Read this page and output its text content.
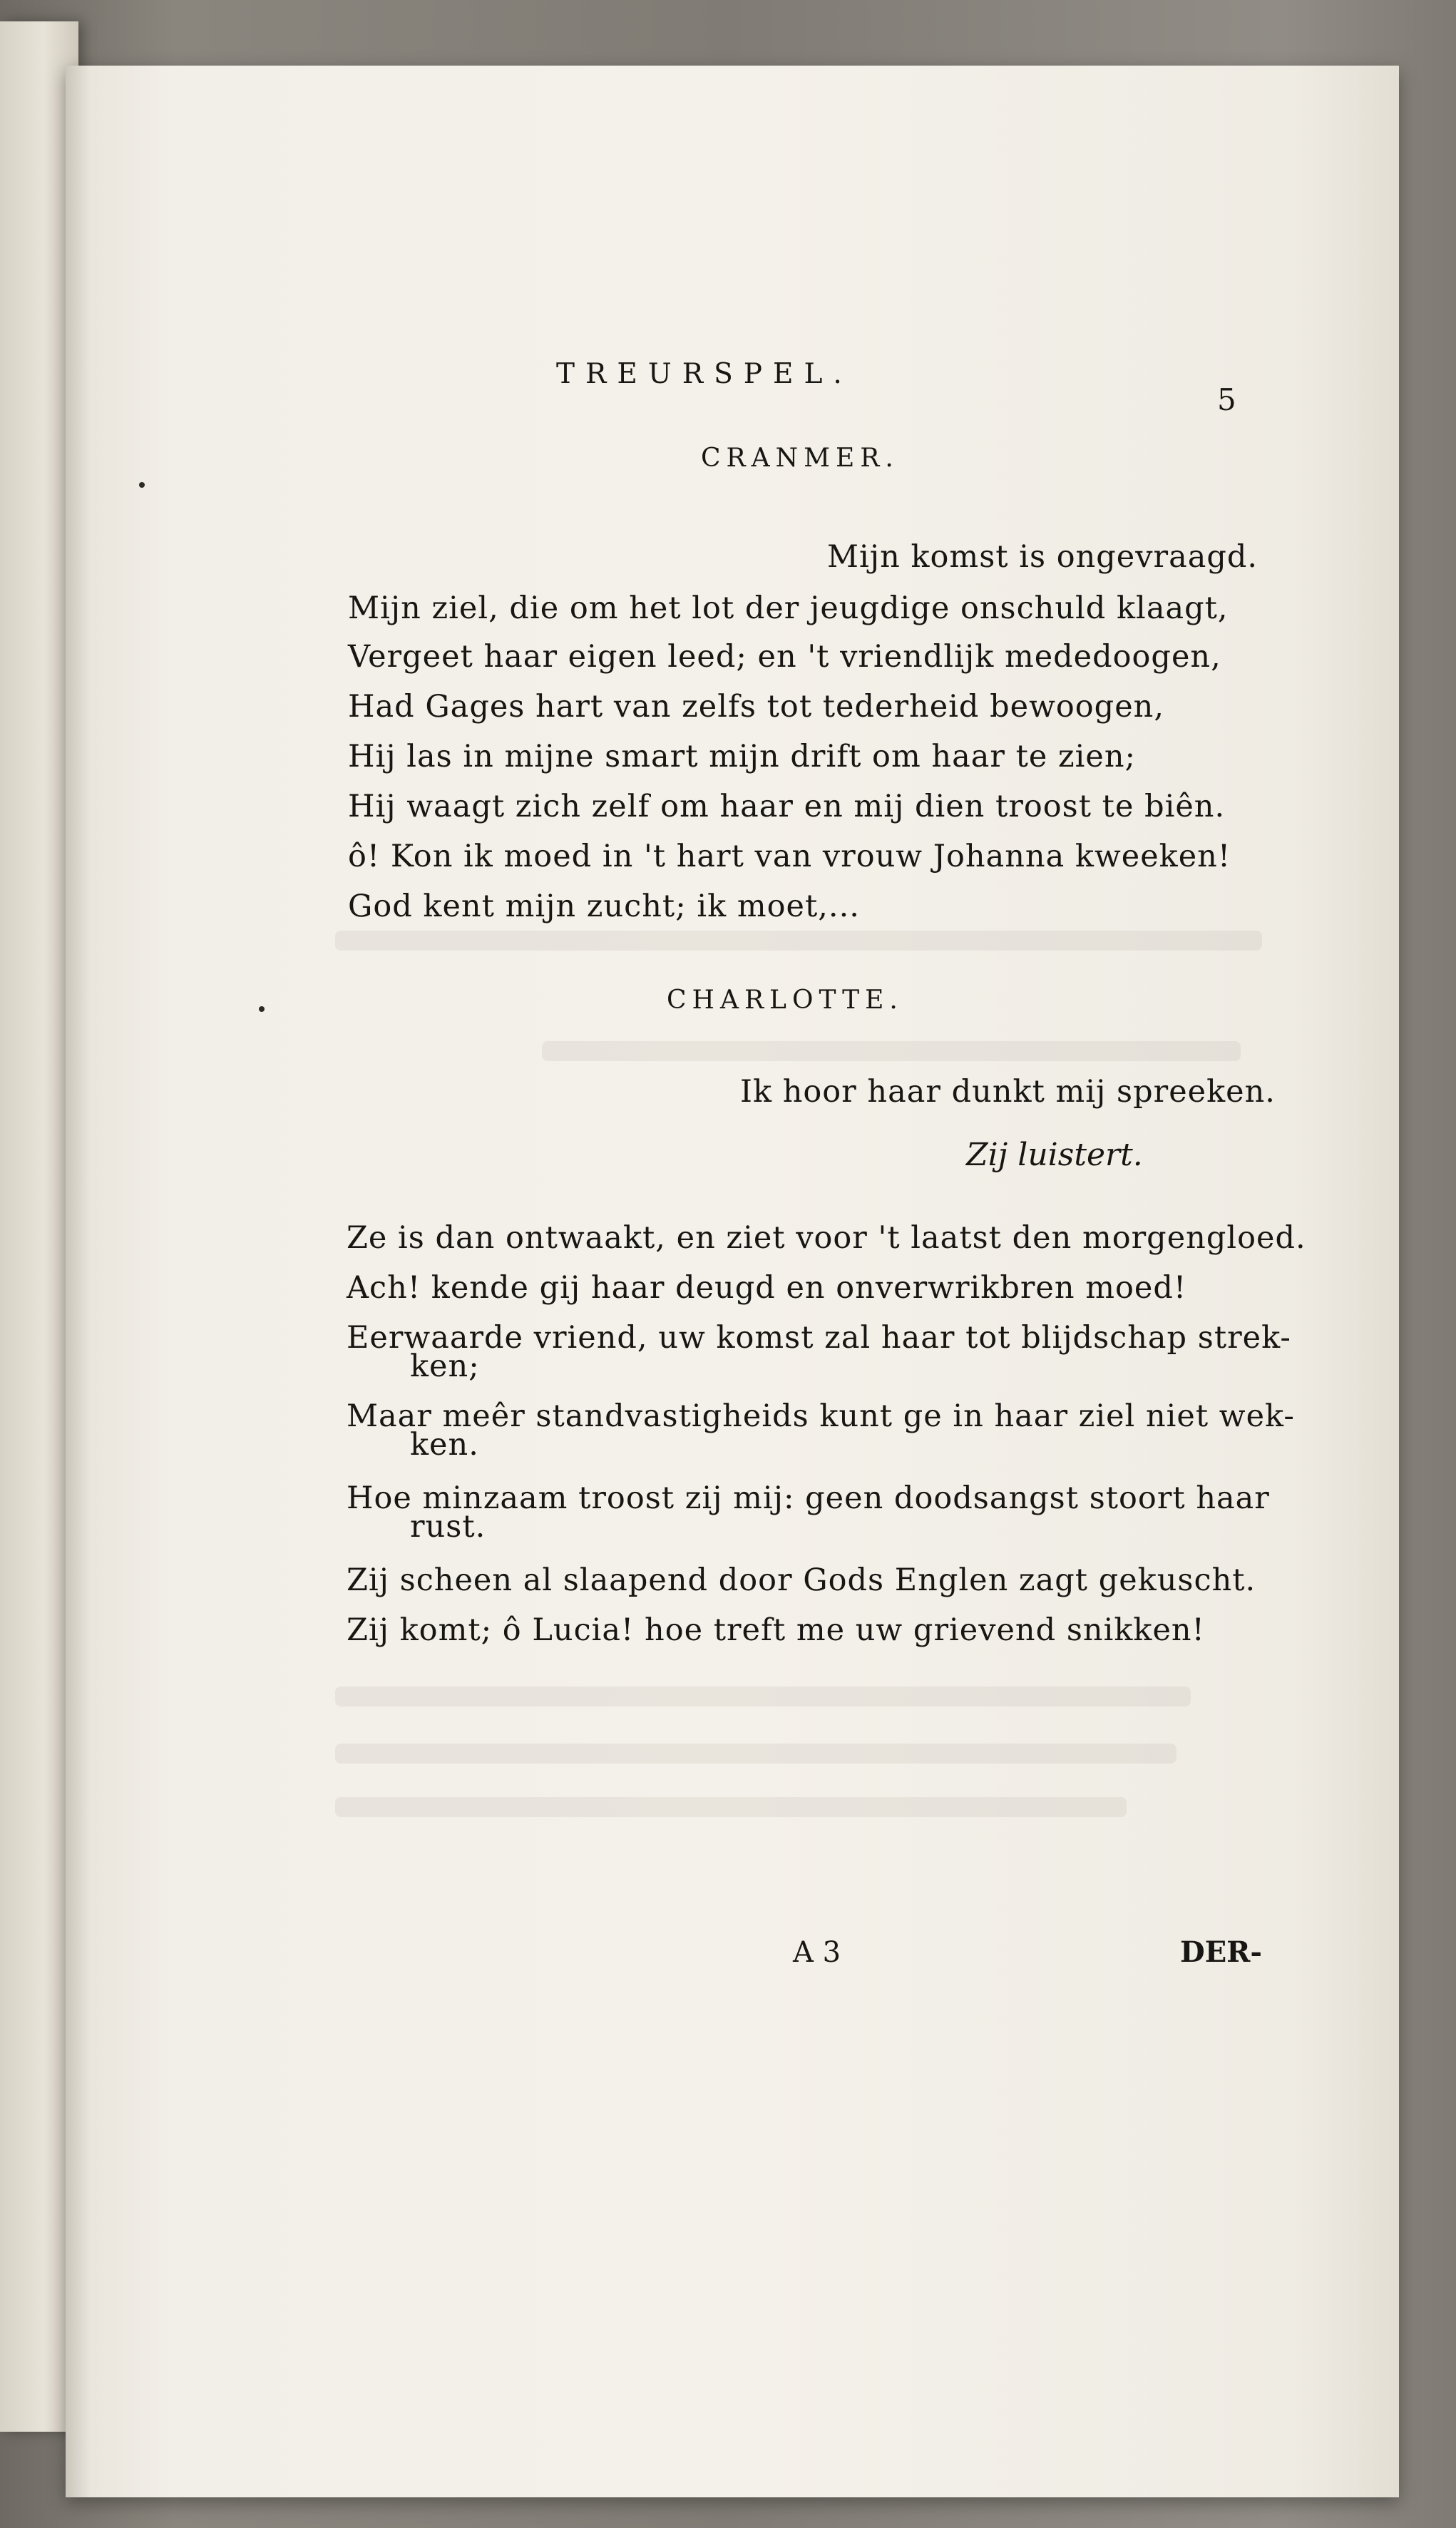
TREURSPEL.
5
CRANMER.
Mijn komst is ongevraagd.
Mijn ziel, die om het lot der jeugdige onschuld klaagt,
Vergeet haar eigen leed; en 't vriendlijk mededoogen,
Had Gages hart van zelfs tot tederheid bewoogen,
Hij las in mijne smart mijn drift om haar te zien;
Hij waagt zich zelf om haar en mij dien troost te biên.
ô! Kon ik moed in 't hart van vrouw Johanna kweeken!
God kent mijn zucht; ik moet,...
CHARLOTTE.
Ik hoor haar dunkt mij spreeken.
Zij luistert.
Ze is dan ontwaakt, en ziet voor 't laatst den morgengloed.
Ach! kende gij haar deugd en onverwrikbren moed!
Eerwaarde vriend, uw komst zal haar tot blijdschap strek-
ken;
Maar meêr standvastigheids kunt ge in haar ziel niet wek-
ken.
Hoe minzaam troost zij mij: geen doodsangst stoort haar
rust.
Zij scheen al slaapend door Gods Englen zagt gekuscht.
Zij komt; ô Lucia! hoe treft me uw grievend snikken!
A 3	DER-
